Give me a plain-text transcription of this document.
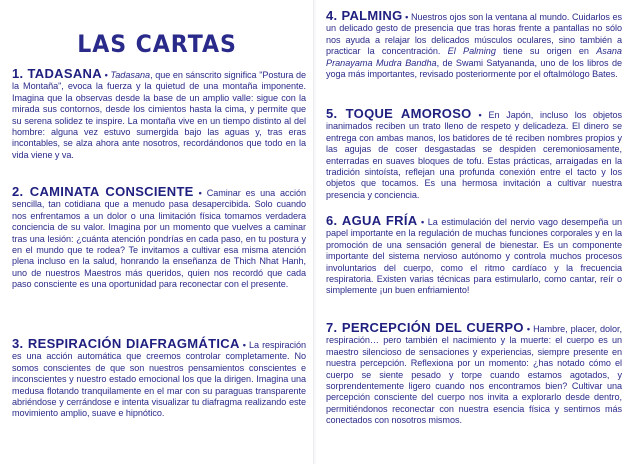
LAS CARTAS
1. TADASANA • Tadasana, que en sánscrito significa "Postura de la Montaña", evoca la fuerza y la quietud de una montaña imponente. Imagina que la observas desde la base de un amplio valle: sigue con la mirada sus contornos, desde los cimientos hasta la cima, y permite que su serena solidez te inspire. La montaña vive en un tiempo distinto al del hombre: alguna vez estuvo sumergida bajo las aguas y, tras eras incontables, se alza ahora ante nosotros, recordándonos que todo en la vida viene y va.
2. CAMINATA CONSCIENTE • Caminar es una acción sencilla, tan cotidiana que a menudo pasa desapercibida. Solo cuando nos enfrentamos a un dolor o una limitación física tomamos verdadera conciencia de su valor. Imagina por un momento que vuelves a caminar tras una lesión: ¿cuánta atención pondrías en cada paso, en tu postura y en el mundo que te rodea? Te invitamos a cultivar esa misma atención plena incluso en la salud, honrando la enseñanza de Thich Nhat Hanh, uno de nuestros Maestros más queridos, quien nos recordó que cada paso consciente es una oportunidad para reconectar con el presente.
3. RESPIRACIÓN DIAFRAGMÁTICA • La respiración es una acción automática que creemos controlar completamente. No somos conscientes de que son nuestros pensamientos conscientes e inconscientes y nuestro estado emocional los que la dirigen. Imagina una medusa flotando tranquilamente en el mar con su paraguas transparente abriéndose y cerrándose e intenta visualizar tu diafragma realizando este movimiento amplio, suave e hipnótico.
4. PALMING • Nuestros ojos son la ventana al mundo. Cuidarlos es un delicado gesto de presencia que tras horas frente a pantallas no sólo nos ayuda a relajar los delicados músculos oculares, sino también a practicar la concentración. El Palming tiene su origen en Asana Pranayama Mudra Bandha, de Swami Satyananda, uno de los libros de yoga más importantes, revisado posteriormente por el oftalmólogo Bates.
5. TOQUE AMOROSO • En Japón, incluso los objetos inanimados reciben un trato lleno de respeto y delicadeza. El dinero se entrega con ambas manos, los batidores de té reciben nombres propios y las agujas de coser desgastadas se despiden ceremoniosamente, enterradas en suaves bloques de tofu. Estas prácticas, arraigadas en la tradición sintoísta, reflejan una profunda conexión entre el tacto y los objetos que tocamos. Es una hermosa invitación a cultivar nuestra presencia y conciencia.
6. AGUA FRÍA • La estimulación del nervio vago desempeña un papel importante en la regulación de muchas funciones corporales y en la promoción de una sensación general de bienestar. Es un componente importante del sistema nervioso autónomo y controla muchos procesos involuntarios del cuerpo, como el ritmo cardíaco y la frecuencia respiratoria. Existen varias técnicas para estimularlo, como cantar, reír o simplemente ¡un buen enfriamiento!
7. PERCEPCIÓN DEL CUERPO • Hambre, placer, dolor, respiración… pero también el nacimiento y la muerte: el cuerpo es un maestro silencioso de sensaciones y experiencias, siempre presente en nuestra percepción. Reflexiona por un momento: ¿has notado cómo el cuerpo se siente pesado y torpe cuando estamos agotados, y sorprendentemente ligero cuando nos encontramos bien? Cultivar una percepción consciente del cuerpo nos invita a explorarlo desde dentro, permitiéndonos reconectar con nuestra esencia física y sentirnos más conectados con nosotros mismos.
